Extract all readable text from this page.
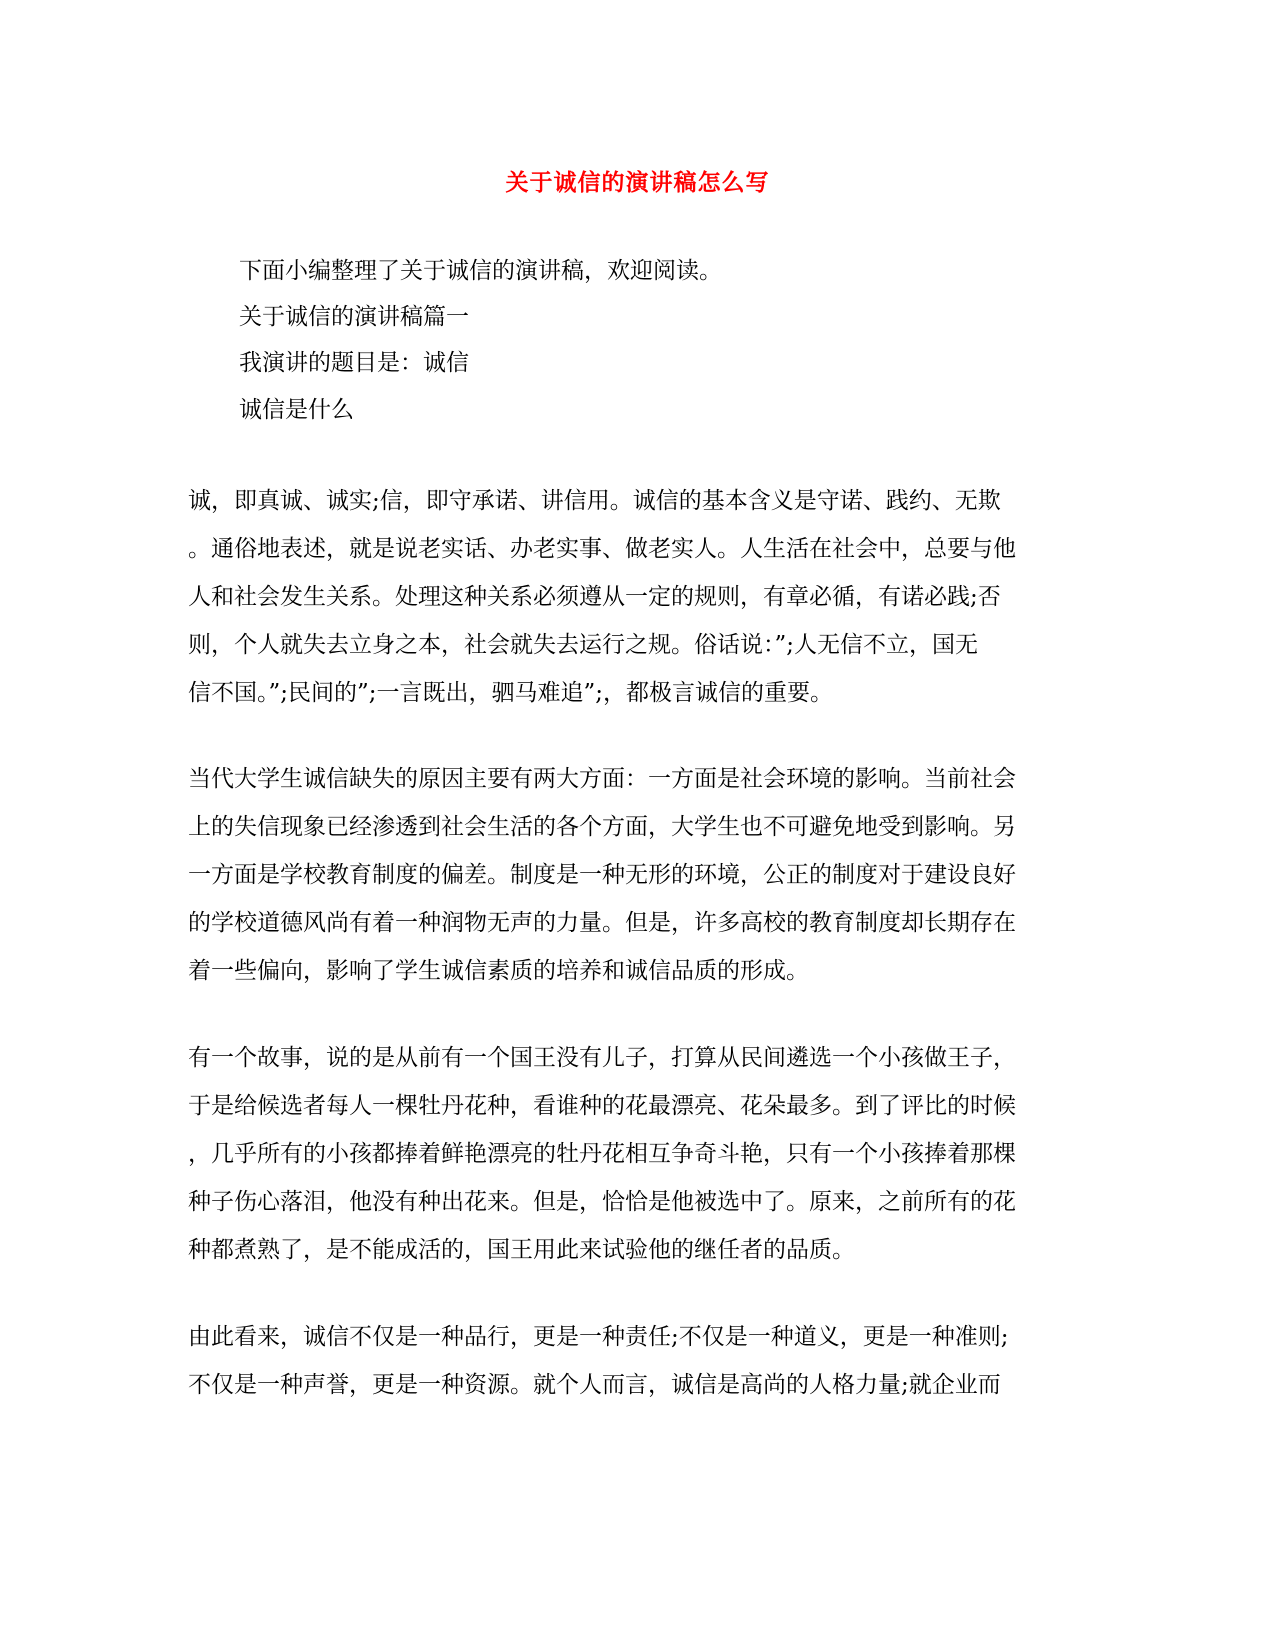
关于诚信的演讲稿怎么写
下面小编整理了关于诚信的演讲稿，欢迎阅读。
关于诚信的演讲稿篇一
我演讲的题目是：诚信
诚信是什么
诚，即真诚、诚实;信，即守承诺、讲信用。诚信的基本含义是守诺、践约、无欺
。通俗地表述，就是说老实话、办老实事、做老实人。人生活在社会中，总要与他
人和社会发生关系。处理这种关系必须遵从一定的规则，有章必循，有诺必践;否
则，个人就失去立身之本，社会就失去运行之规。俗话说：”;人无信不立，国无
信不国。”;民间的”;一言既出，驷马难追”;，都极言诚信的重要。
当代大学生诚信缺失的原因主要有两大方面：一方面是社会环境的影响。当前社会
上的失信现象已经渗透到社会生活的各个方面，大学生也不可避免地受到影响。另
一方面是学校教育制度的偏差。制度是一种无形的环境，公正的制度对于建设良好
的学校道德风尚有着一种润物无声的力量。但是，许多高校的教育制度却长期存在
着一些偏向，影响了学生诚信素质的培养和诚信品质的形成。
有一个故事，说的是从前有一个国王没有儿子，打算从民间遴选一个小孩做王子，
于是给候选者每人一棵牡丹花种，看谁种的花最漂亮、花朵最多。到了评比的时候
，几乎所有的小孩都捧着鲜艳漂亮的牡丹花相互争奇斗艳，只有一个小孩捧着那棵
种子伤心落泪，他没有种出花来。但是，恰恰是他被选中了。原来，之前所有的花
种都煮熟了，是不能成活的，国王用此来试验他的继任者的品质。
由此看来，诚信不仅是一种品行，更是一种责任;不仅是一种道义，更是一种准则;
不仅是一种声誉，更是一种资源。就个人而言，诚信是高尚的人格力量;就企业而
